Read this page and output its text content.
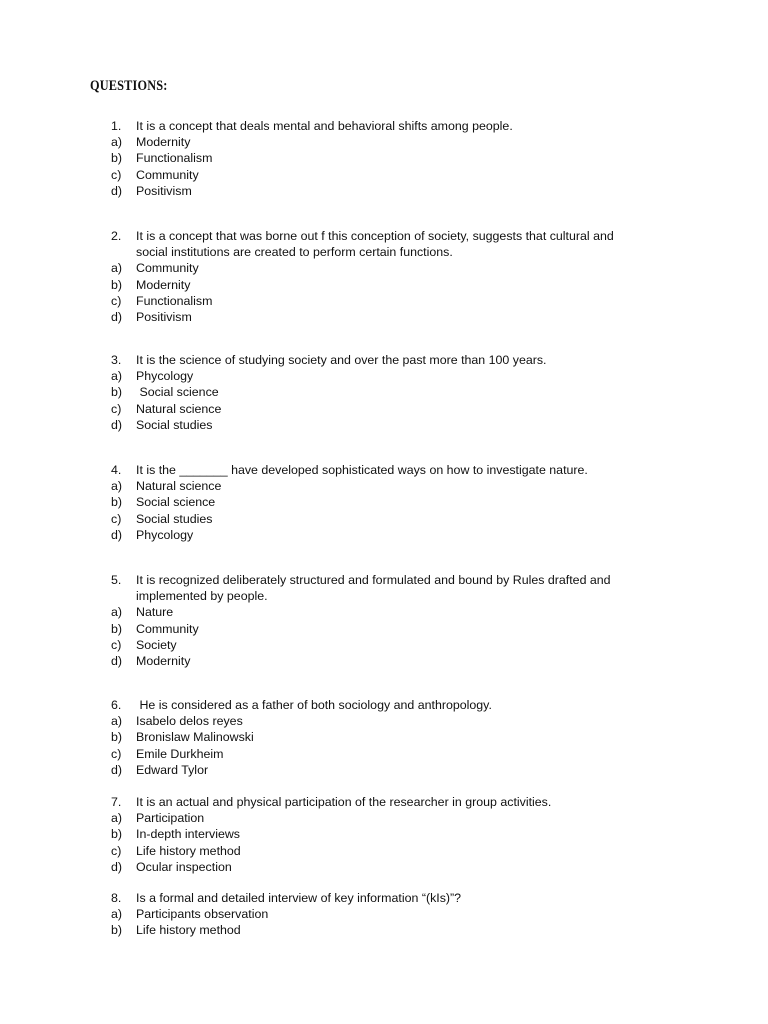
QUESTIONS:
1.	It is a concept that deals mental and behavioral shifts among people.
a)	Modernity
b)	Functionalism
c)	Community
d)	Positivism
2.	It is a concept that was borne out f this conception of society, suggests that cultural and
social institutions are created to perform certain functions.
a)	Community
b)	Modernity
c)	Functionalism
d)	Positivism
3.	It is the science of studying society and over the past more than 100 years.
a)	Phycology
b)	Social science
c)	Natural science
d)	Social studies
4.	It is the _______ have developed sophisticated ways on how to investigate nature.
a)	Natural science
b)	Social science
c)	Social studies
d)	Phycology
5.	It is recognized deliberately structured and formulated and bound by Rules drafted and
implemented by people.
a)	Nature
b)	Community
c)	Society
d)	Modernity
6.	He is considered as a father of both sociology and anthropology.
a)	Isabelo delos reyes
b)	Bronislaw Malinowski
c)	Emile Durkheim
d)	Edward Tylor
7.	It is an actual and physical participation of the researcher in group activities.
a)	Participation
b)	In-depth interviews
c)	Life history method
d)	Ocular inspection
8.	Is a formal and detailed interview of key information “(kIs)”?
a)	Participants observation
b)	Life history method
